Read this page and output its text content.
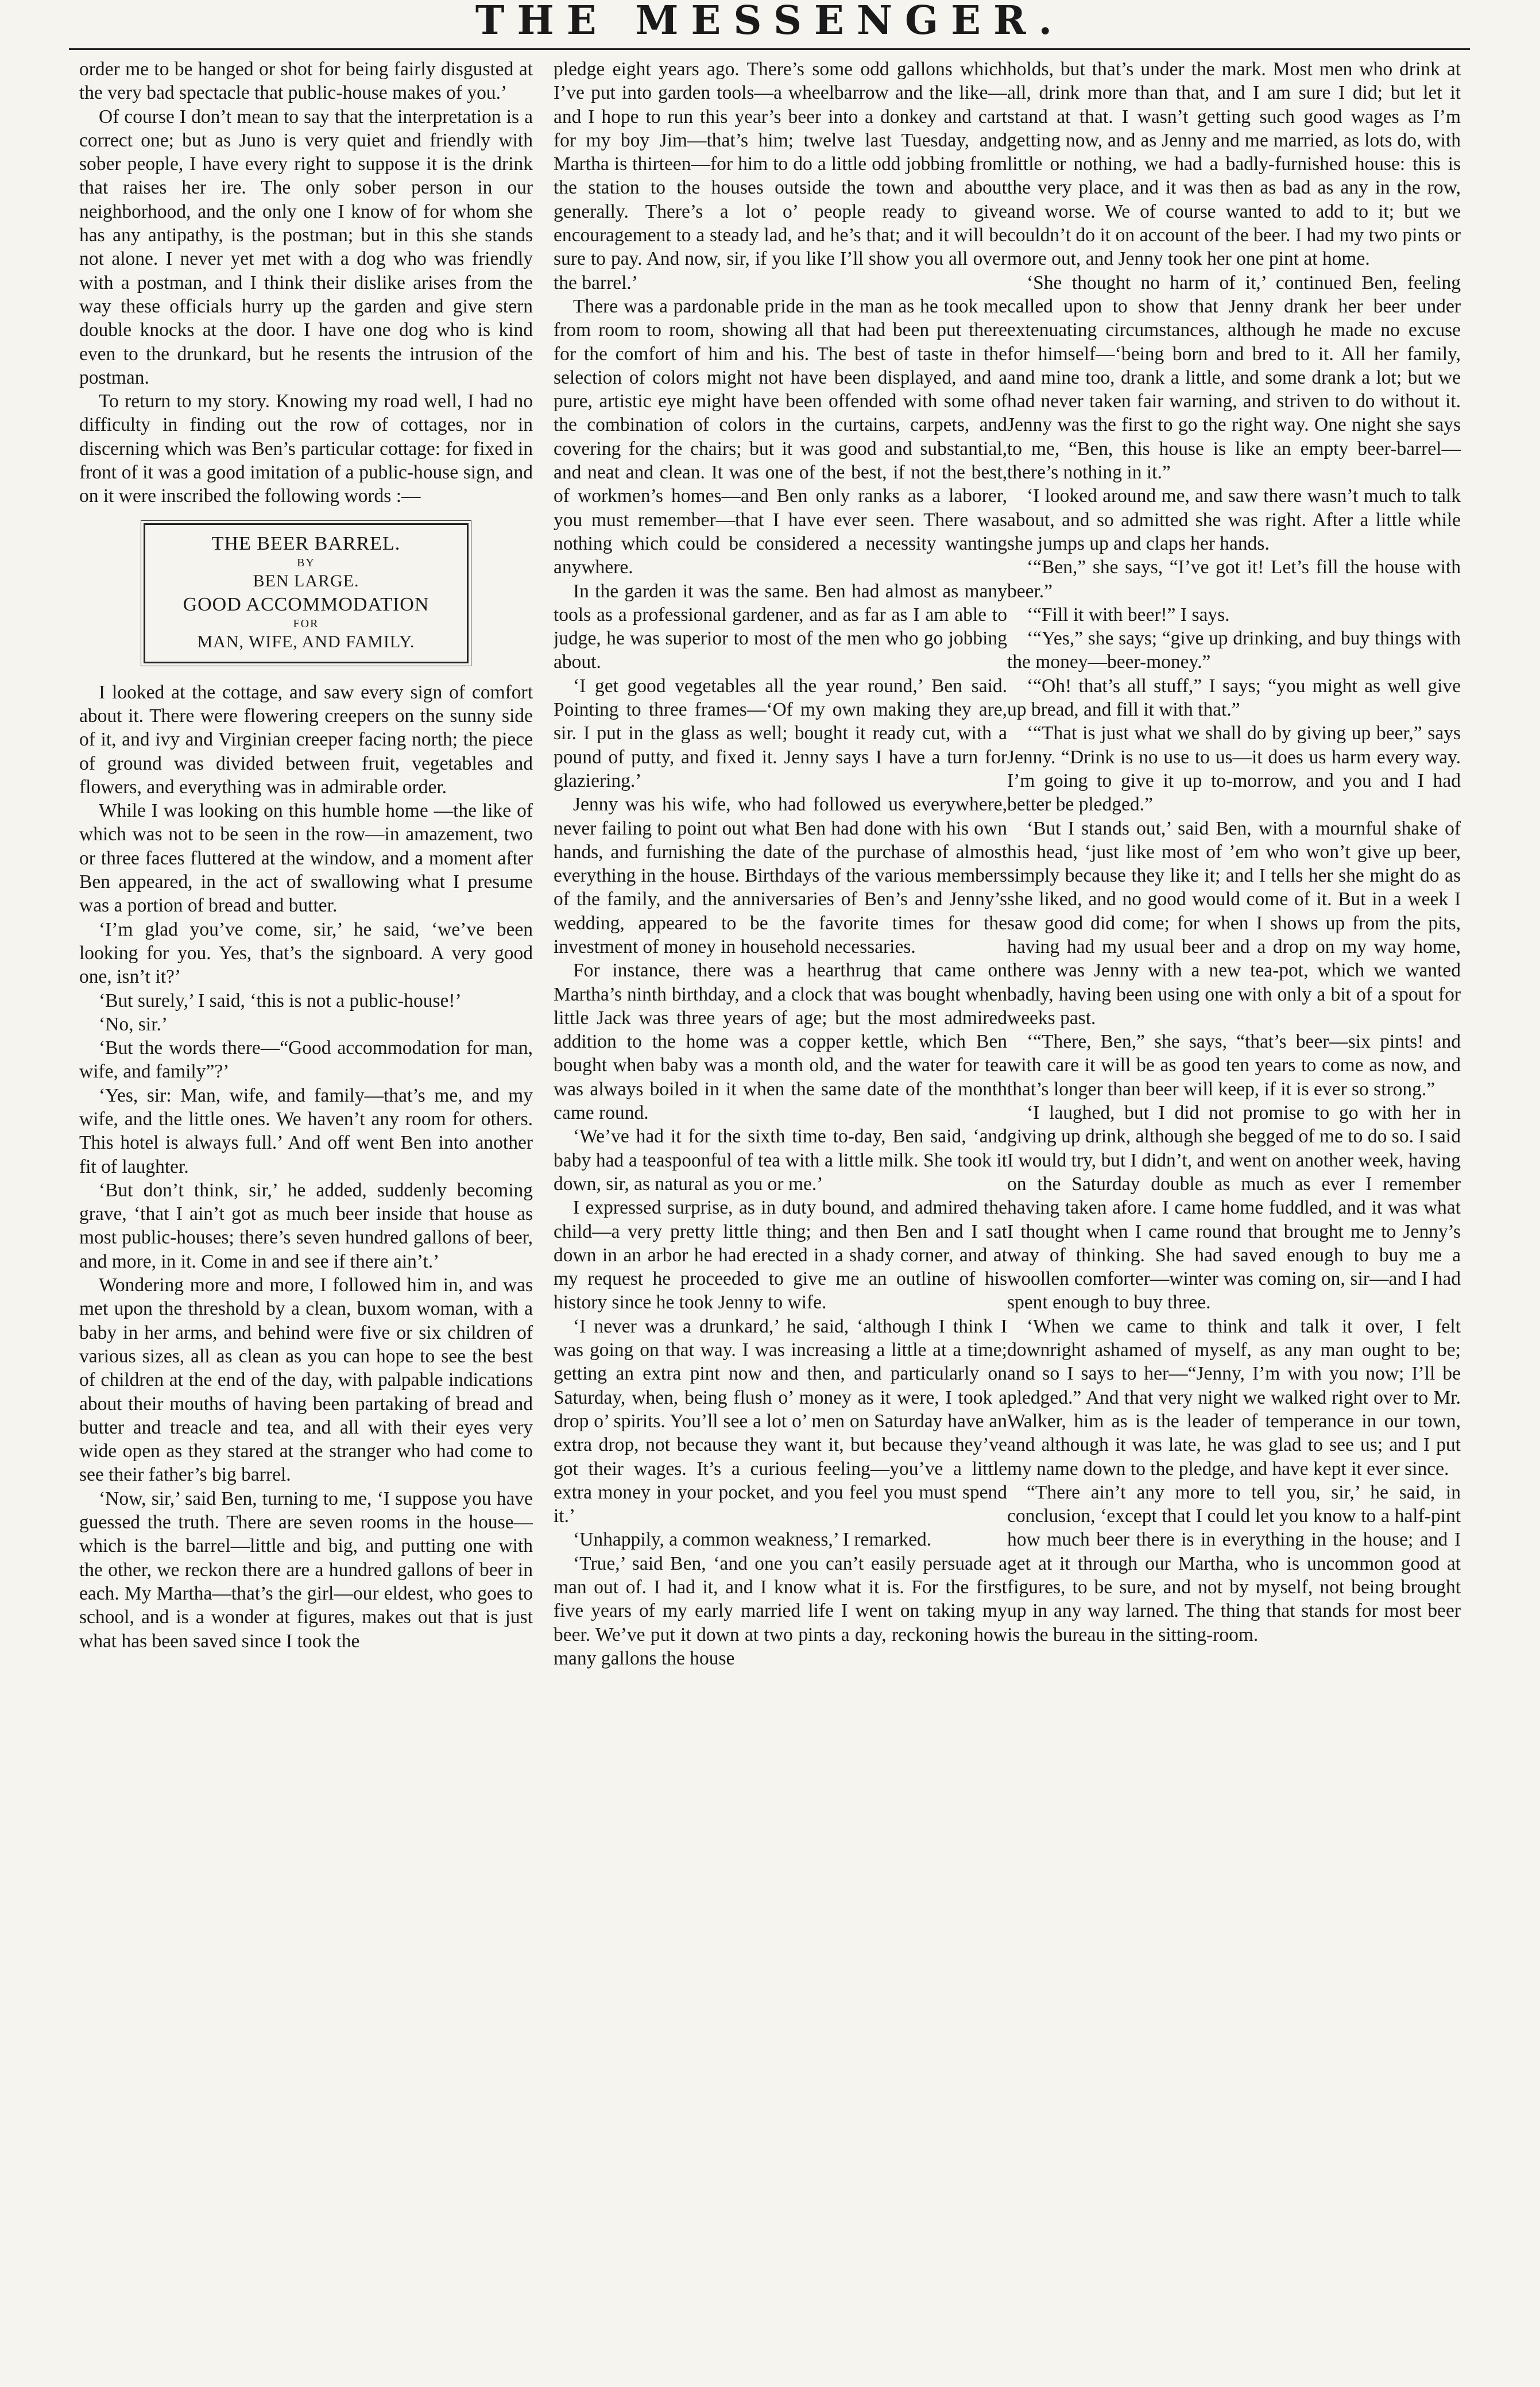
THE MESSENGER.

order me to be hanged or shot for being fairly disgusted at the very bad spectacle that public-house makes of you.’

Of course I don’t mean to say that the interpretation is a correct one; but as Juno is very quiet and friendly with sober people, I have every right to suppose it is the drink that raises her ire. The only sober person in our neighborhood, and the only one I know of for whom she has any antipathy, is the postman; but in this she stands not alone. I never yet met with a dog who was friendly with a postman, and I think their dislike arises from the way these officials hurry up the garden and give stern double knocks at the door. I have one dog who is kind even to the drunkard, but he resents the intrusion of the postman.

To return to my story. Knowing my road well, I had no difficulty in finding out the row of cottages, nor in discerning which was Ben’s particular cottage: for fixed in front of it was a good imitation of a public-house sign, and on it were inscribed the following words :—

THE BEER BARREL.
BY
BEN LARGE.
GOOD ACCOMMODATION
FOR
MAN, WIFE, AND FAMILY.

I looked at the cottage, and saw every sign of comfort about it. There were flowering creepers on the sunny side of it, and ivy and Virginian creeper facing north; the piece of ground was divided between fruit, vegetables and flowers, and everything was in admirable order.

While I was looking on this humble home —the like of which was not to be seen in the row—in amazement, two or three faces fluttered at the window, and a moment after Ben appeared, in the act of swallowing what I presume was a portion of bread and butter.

‘I’m glad you’ve come, sir,’ he said, ‘we’ve been looking for you. Yes, that’s the signboard. A very good one, isn’t it?’

‘But surely,’ I said, ‘this is not a public-house!’

‘No, sir.’

‘But the words there—“Good accommodation for man, wife, and family”?’

‘Yes, sir: Man, wife, and family—that’s me, and my wife, and the little ones. We haven’t any room for others. This hotel is always full.’ And off went Ben into another fit of laughter.

‘But don’t think, sir,’ he added, suddenly becoming grave, ‘that I ain’t got as much beer inside that house as most public-houses; there’s seven hundred gallons of beer, and more, in it. Come in and see if there ain’t.’

Wondering more and more, I followed him in, and was met upon the threshold by a clean, buxom woman, with a baby in her arms, and behind were five or six children of various sizes, all as clean as you can hope to see the best of children at the end of the day, with palpable indications about their mouths of having been partaking of bread and butter and treacle and tea, and all with their eyes very wide open as they stared at the stranger who had come to see their father’s big barrel.

‘Now, sir,’ said Ben, turning to me, ‘I suppose you have guessed the truth. There are seven rooms in the house—which is the barrel—little and big, and putting one with the other, we reckon there are a hundred gallons of beer in each. My Martha—that’s the girl—our eldest, who goes to school, and is a wonder at figures, makes out that is just what has been saved since I took the

pledge eight years ago. There’s some odd gallons which I’ve put into garden tools—a wheelbarrow and the like—and I hope to run this year’s beer into a donkey and cart for my boy Jim—that’s him; twelve last Tuesday, and Martha is thirteen—for him to do a little odd jobbing from the station to the houses outside the town and about generally. There’s a lot o’ people ready to give encouragement to a steady lad, and he’s that; and it will be sure to pay. And now, sir, if you like I’ll show you all over the barrel.’

There was a pardonable pride in the man as he took me from room to room, showing all that had been put there for the comfort of him and his. The best of taste in the selection of colors might not have been displayed, and a pure, artistic eye might have been offended with some of the combination of colors in the curtains, carpets, and covering for the chairs; but it was good and substantial, and neat and clean. It was one of the best, if not the best, of workmen’s homes—and Ben only ranks as a laborer, you must remember—that I have ever seen. There was nothing which could be considered a necessity wanting anywhere.

In the garden it was the same. Ben had almost as many tools as a professional gardener, and as far as I am able to judge, he was superior to most of the men who go jobbing about.

‘I get good vegetables all the year round,’ Ben said. Pointing to three frames—‘Of my own making they are, sir. I put in the glass as well; bought it ready cut, with a pound of putty, and fixed it. Jenny says I have a turn for glaziering.’

Jenny was his wife, who had followed us everywhere, never failing to point out what Ben had done with his own hands, and furnishing the date of the purchase of almost everything in the house. Birthdays of the various members of the family, and the anniversaries of Ben’s and Jenny’s wedding, appeared to be the favorite times for the investment of money in household necessaries.

For instance, there was a hearthrug that came on Martha’s ninth birthday, and a clock that was bought when little Jack was three years of age; but the most admired addition to the home was a copper kettle, which Ben bought when baby was a month old, and the water for tea was always boiled in it when the same date of the month came round.

‘We’ve had it for the sixth time to-day, Ben said, ‘and baby had a teaspoonful of tea with a little milk. She took it down, sir, as natural as you or me.’

I expressed surprise, as in duty bound, and admired the child—a very pretty little thing; and then Ben and I sat down in an arbor he had erected in a shady corner, and at my request he proceeded to give me an outline of his history since he took Jenny to wife.

‘I never was a drunkard,’ he said, ‘although I think I was going on that way. I was increasing a little at a time; getting an extra pint now and then, and particularly on Saturday, when, being flush o’ money as it were, I took a drop o’ spirits. You’ll see a lot o’ men on Saturday have an extra drop, not because they want it, but because they’ve got their wages. It’s a curious feeling—you’ve a little extra money in your pocket, and you feel you must spend it.’

‘Unhappily, a common weakness,’ I remarked.

‘True,’ said Ben, ‘and one you can’t easily persuade a man out of. I had it, and I know what it is. For the first five years of my early married life I went on taking my beer. We’ve put it down at two pints a day, reckoning how many gallons the house

holds, but that’s under the mark. Most men who drink at all, drink more than that, and I am sure I did; but let it stand at that. I wasn’t getting such good wages as I’m getting now, and as Jenny and me married, as lots do, with little or nothing, we had a badly-furnished house: this is the very place, and it was then as bad as any in the row, and worse. We of course wanted to add to it; but we couldn’t do it on account of the beer. I had my two pints or more out, and Jenny took her one pint at home.

‘She thought no harm of it,’ continued Ben, feeling called upon to show that Jenny drank her beer under extenuating circumstances, although he made no excuse for himself—‘being born and bred to it. All her family, and mine too, drank a little, and some drank a lot; but we had never taken fair warning, and striven to do without it. Jenny was the first to go the right way. One night she says to me, “Ben, this house is like an empty beer-barrel—there’s nothing in it.”

‘I looked around me, and saw there wasn’t much to talk about, and so admitted she was right. After a little while she jumps up and claps her hands.

‘“Ben,” she says, “I’ve got it! Let’s fill the house with beer.”

‘“Fill it with beer!” I says.

‘“Yes,” she says; “give up drinking, and buy things with the money—beer-money.”

‘“Oh! that’s all stuff,” I says; “you might as well give up bread, and fill it with that.”

‘“That is just what we shall do by giving up beer,” says Jenny. “Drink is no use to us—it does us harm every way. I’m going to give it up to-morrow, and you and I had better be pledged.”

‘But I stands out,’ said Ben, with a mournful shake of his head, ‘just like most of ’em who won’t give up beer, simply because they like it; and I tells her she might do as she liked, and no good would come of it. But in a week I saw good did come; for when I shows up from the pits, having had my usual beer and a drop on my way home, there was Jenny with a new tea-pot, which we wanted badly, having been using one with only a bit of a spout for weeks past.

‘“There, Ben,” she says, “that’s beer—six pints! and with care it will be as good ten years to come as now, and that’s longer than beer will keep, if it is ever so strong.”

‘I laughed, but I did not promise to go with her in giving up drink, although she begged of me to do so. I said I would try, but I didn’t, and went on another week, having on the Saturday double as much as ever I remember having taken afore. I came home fuddled, and it was what I thought when I came round that brought me to Jenny’s way of thinking. She had saved enough to buy me a woollen comforter—winter was coming on, sir—and I had spent enough to buy three.

‘When we came to think and talk it over, I felt downright ashamed of myself, as any man ought to be; and so I says to her—“Jenny, I’m with you now; I’ll be pledged.” And that very night we walked right over to Mr. Walker, him as is the leader of temperance in our town, and although it was late, he was glad to see us; and I put my name down to the pledge, and have kept it ever since.

“There ain’t any more to tell you, sir,’ he said, in conclusion, ‘except that I could let you know to a half-pint how much beer there is in everything in the house; and I get at it through our Martha, who is uncommon good at figures, to be sure, and not by myself, not being brought up in any way larned. The thing that stands for most beer is the bureau in the sitting-room.
